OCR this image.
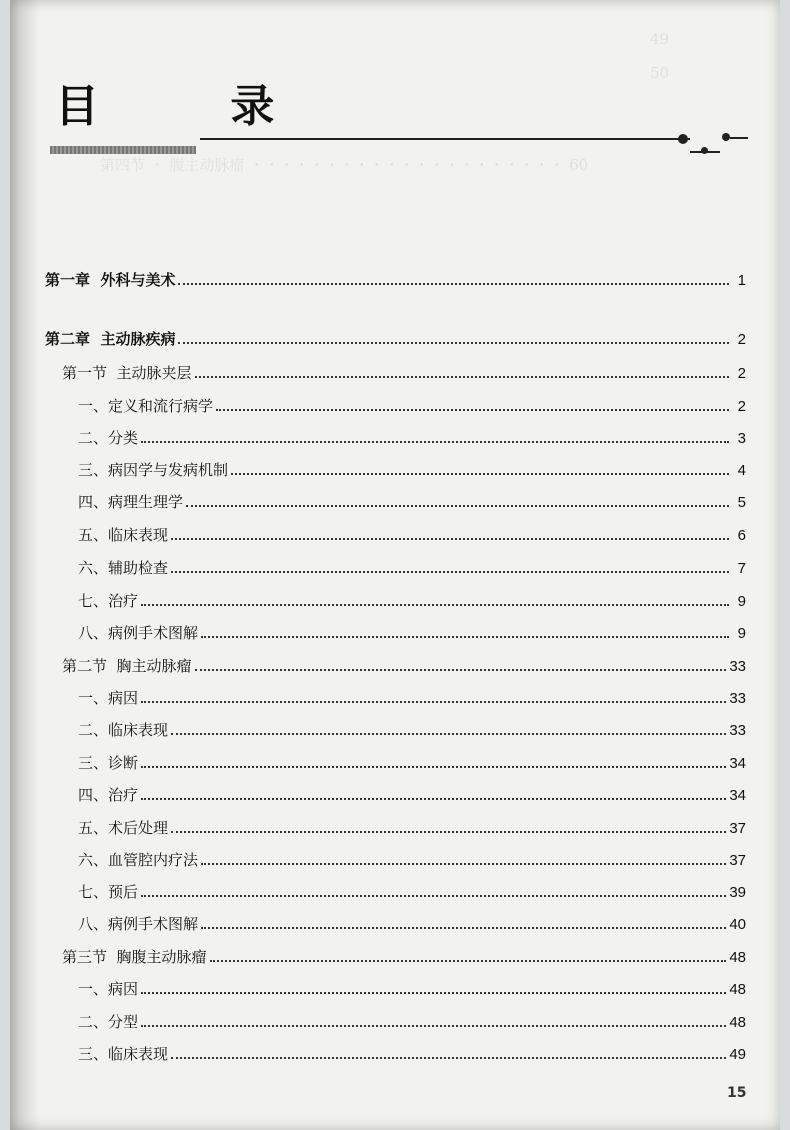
49
50
第四节 ・ 腹主动脉瘤 ・・・・・・・・・・・・・・・・・・・・・ 60
目 录
第一章  外科与美术	1
第二章  主动脉疾病	2
第一节  主动脉夹层	2
一、定义和流行病学	2
二、分类	3
三、病因学与发病机制	4
四、病理生理学	5
五、临床表现	6
六、辅助检查	7
七、治疗	9
八、病例手术图解	9
第二节  胸主动脉瘤	33
一、病因	33
二、临床表现	33
三、诊断	34
四、治疗	34
五、术后处理	37
六、血管腔内疗法	37
七、预后	39
八、病例手术图解	40
第三节  胸腹主动脉瘤	48
一、病因	48
二、分型	48
三、临床表现	49
15
